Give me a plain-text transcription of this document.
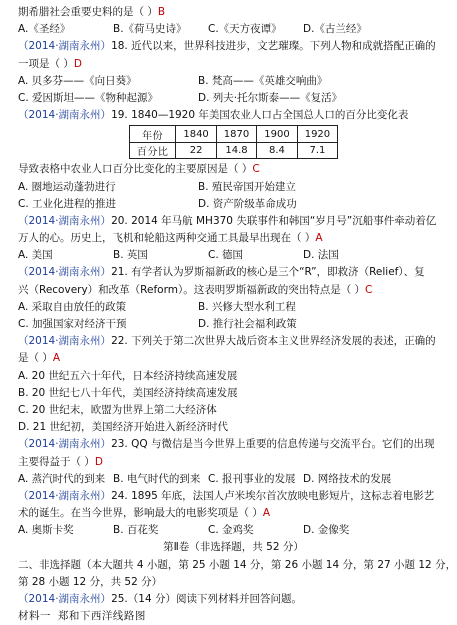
期希腊社会重要史料的是（ ）B
A.《圣经》	B.《荷马史诗》	C.《天方夜谭》	D.《古兰经》
（2014·湖南永州）18. 近代以来，世界科技进步，文艺璀璨。下列人物和成就搭配正确的
一项是（ ）D
A. 贝多芬——《向日葵》	B. 梵高——《英雄交响曲》
C. 爱因斯坦——《物种起源》	D. 列夫·托尔斯泰——《复活》
（2014·湖南永州）19. 1840—1920 年美国农业人口占全国总人口的百分比变化表
年份	1840	1870	1900	1920
百分比	22	14.8	8.4	7.1
导致表格中农业人口百分比变化的主要原因是（ ）C
A. 圈地运动蓬勃进行	B. 殖民帝国开始建立
C. 工业化进程的推进	D. 资产阶级革命成功
（2014·湖南永州）20. 2014 年马航 MH370 失联事件和韩国“岁月号”沉船事件牵动着亿
万人的心。历史上，飞机和轮船这两种交通工具最早出现在（ ）A
A. 美国	B. 英国	C. 德国	D. 法国
（2014·湖南永州）21. 有学者认为罗斯福新政的核心是三个“R”，即救济（Relief）、复
兴（Recovery）和改革（Reform）。这表明罗斯福新政的突出特点是（ ）C
A. 采取自由放任的政策	B. 兴修大型水利工程
C. 加强国家对经济干预	D. 推行社会福利政策
（2014·湖南永州）22. 下列关于第二次世界大战后资本主义世界经济发展的表述，正确的
是（ ）A
A. 20 世纪五六十年代，日本经济持续高速发展
B. 20 世纪七八十年代，美国经济持续高速发展
C. 20 世纪末，欧盟为世界上第二大经济体
D. 21 世纪初，美国经济开始进入新经济时代
（2014·湖南永州）23. QQ 与微信是当今世界上重要的信息传递与交流平台。它们的出现
主要得益于（ ）D
A. 蒸汽时代的到来 B. 电气时代的到来 C. 报刊事业的发展 D. 网络技术的发展
（2014·湖南永州）24. 1895 年底，法国人卢米埃尔首次放映电影短片，这标志着电影艺
术的诞生。在当今世界，影响最大的电影奖项是（ ）A
A. 奥斯卡奖	B. 百花奖	C. 金鸡奖	D. 金像奖
第Ⅱ卷（非选择题，共 52 分）
二、非选择题（本大题共 4 小题，第 25 小题 14 分，第 26 小题 14 分，第 27 小题 12 分，
第 28 小题 12 分，共 52 分）
（2014·湖南永州）25.（14 分）阅读下列材料并回答问题。
材料一 郑和下西洋线路图
